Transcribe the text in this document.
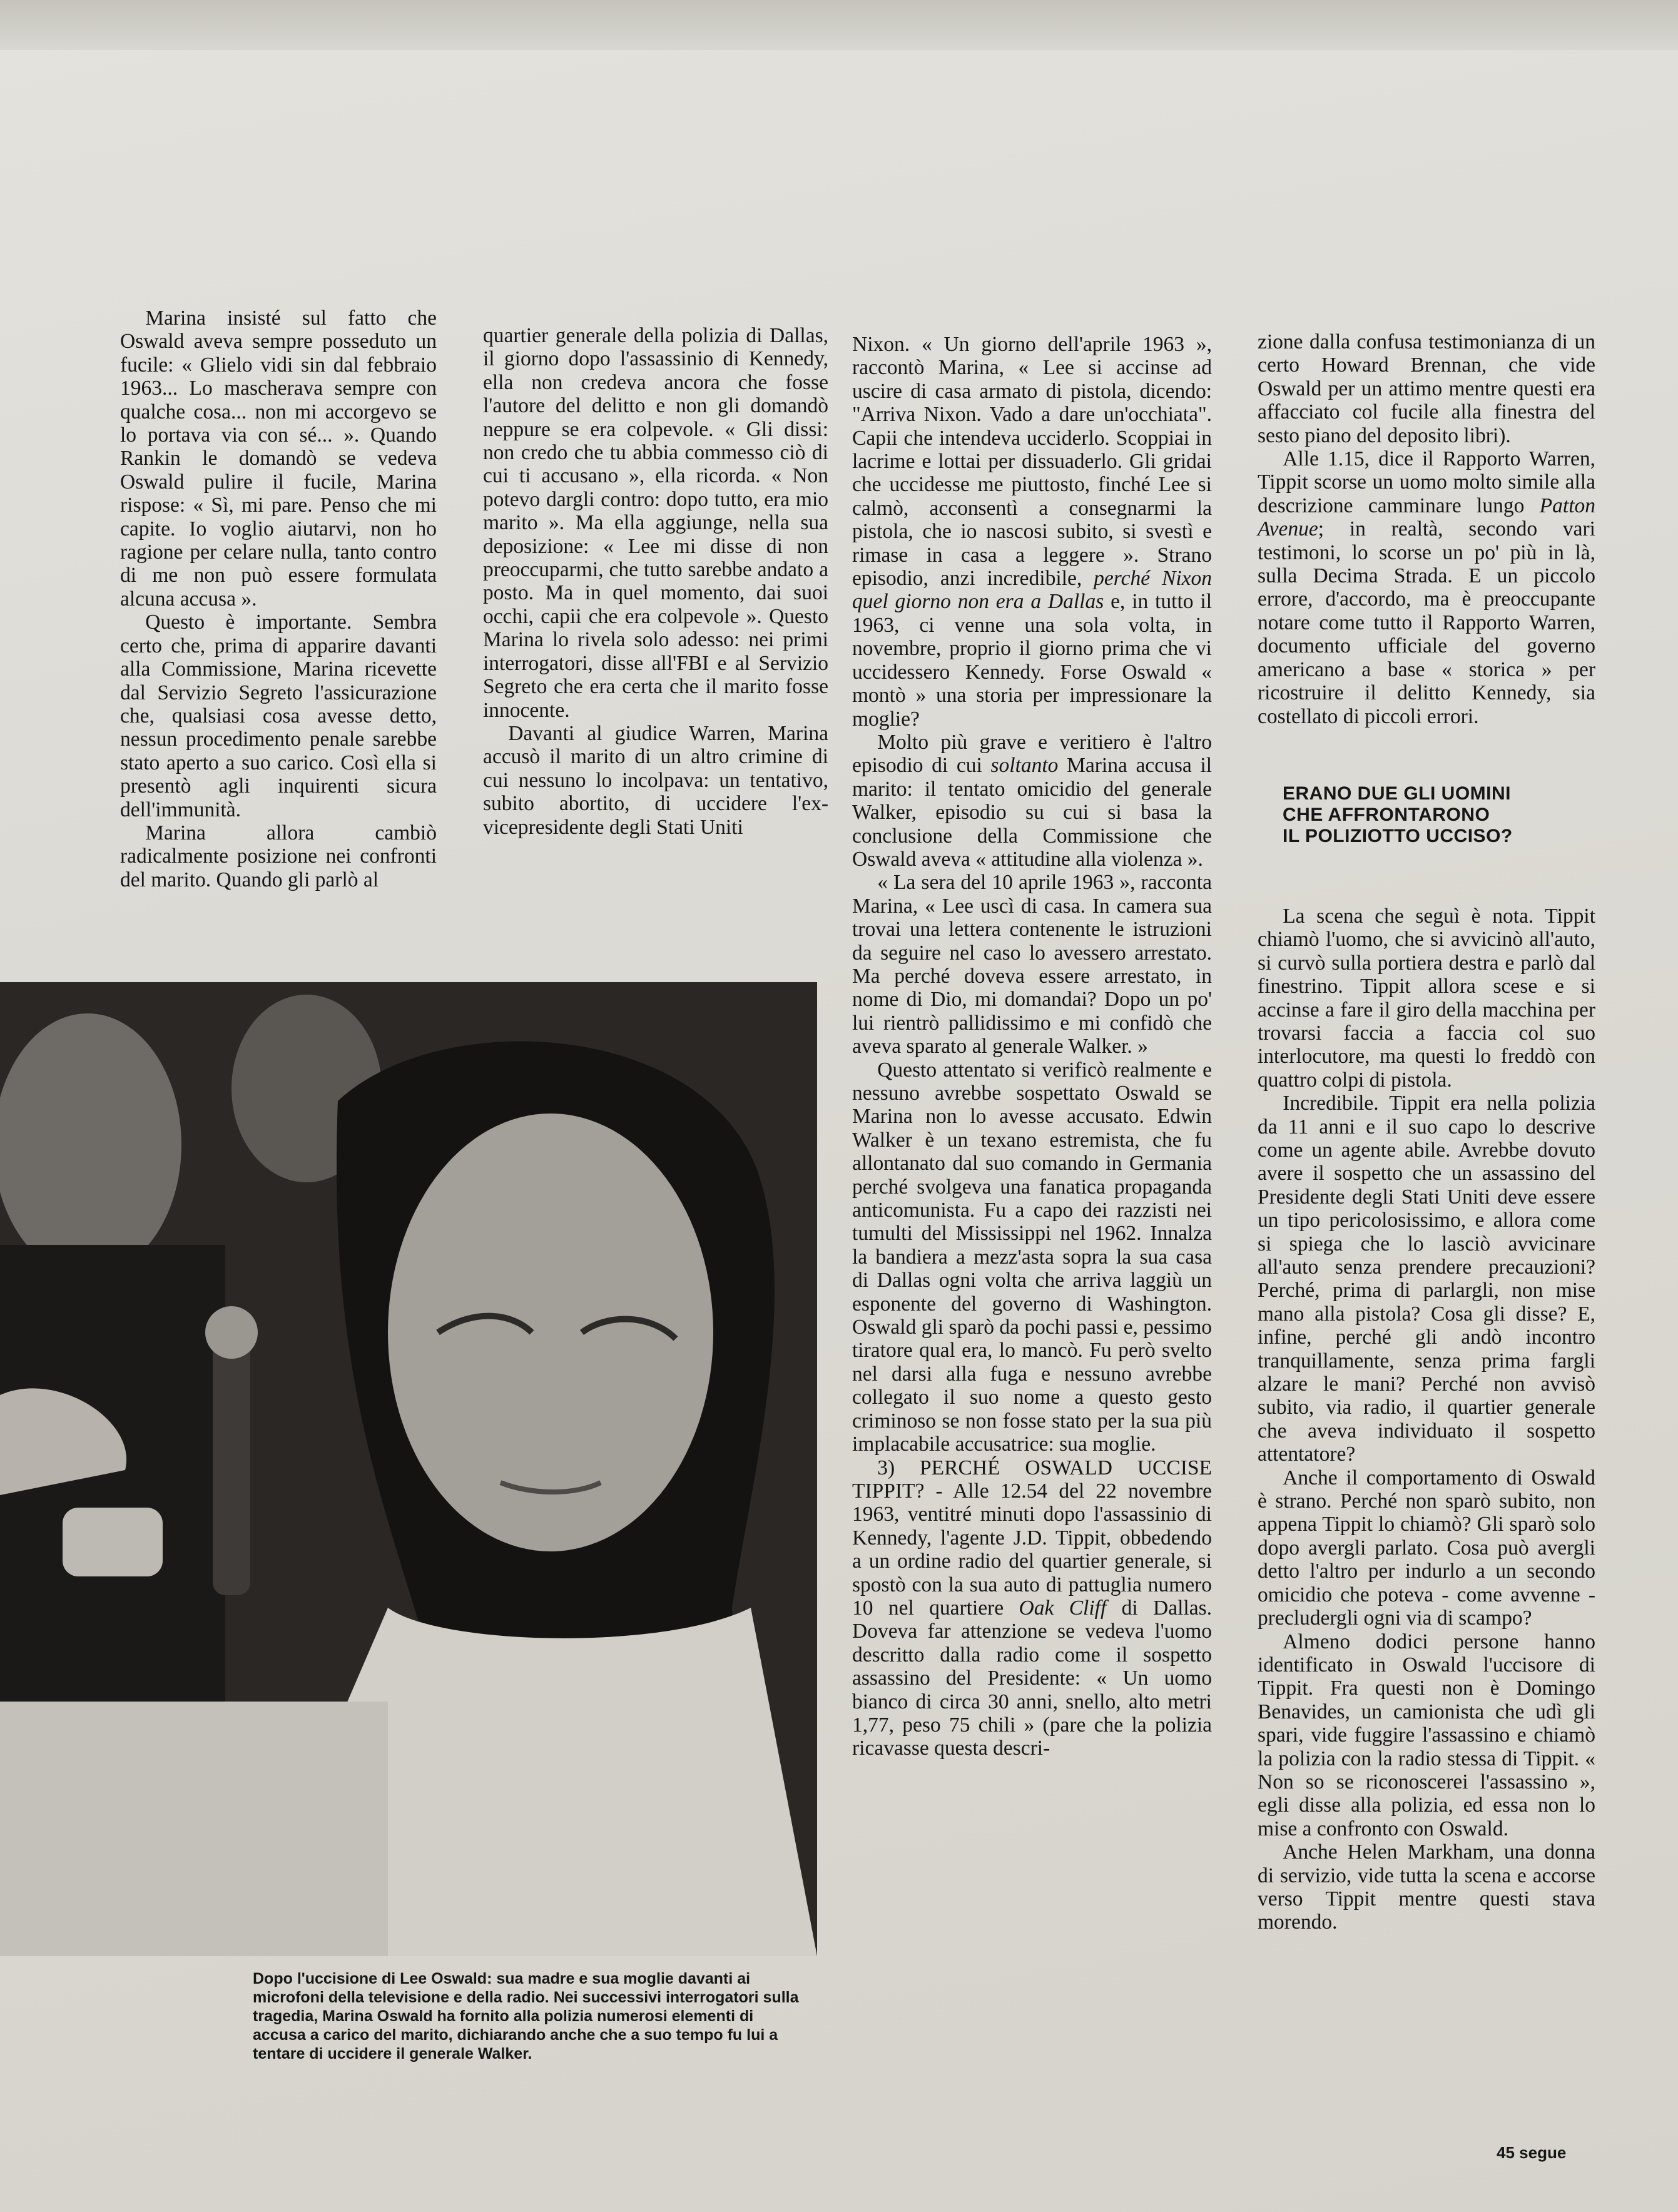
Marina insisté sul fatto che Oswald aveva sempre posseduto un fucile: « Glielo vidi sin dal febbraio 1963... Lo mascherava sempre con qualche cosa... non mi accorgevo se lo portava via con sé... ». Quando Rankin le domandò se vedeva Oswald pulire il fucile, Marina rispose: « Sì, mi pare. Penso che mi capite. Io voglio aiutarvi, non ho ragione per celare nulla, tanto contro di me non può essere formulata alcuna accusa ».

Questo è importante. Sembra certo che, prima di apparire davanti alla Commissione, Marina ricevette dal Servizio Segreto l'assicurazione che, qualsiasi cosa avesse detto, nessun procedimento penale sarebbe stato aperto a suo carico. Così ella si presentò agli inquirenti sicura dell'immunità.

Marina allora cambiò radicalmente posizione nei confronti del marito. Quando gli parlò al

quartier generale della polizia di Dallas, il giorno dopo l'assassinio di Kennedy, ella non credeva ancora che fosse l'autore del delitto e non gli domandò neppure se era colpevole. « Gli dissi: non credo che tu abbia commesso ciò di cui ti accusano », ella ricorda. « Non potevo dargli contro: dopo tutto, era mio marito ». Ma ella aggiunge, nella sua deposizione: « Lee mi disse di non preoccuparmi, che tutto sarebbe andato a posto. Ma in quel momento, dai suoi occhi, capii che era colpevole ». Questo Marina lo rivela solo adesso: nei primi interrogatori, disse all'FBI e al Servizio Segreto che era certa che il marito fosse innocente.

Davanti al giudice Warren, Marina accusò il marito di un altro crimine di cui nessuno lo incolpava: un tentativo, subito abortito, di uccidere l'ex-vicepresidente degli Stati Uniti

Nixon. « Un giorno dell'aprile 1963 », raccontò Marina, « Lee si accinse ad uscire di casa armato di pistola, dicendo: "Arriva Nixon. Vado a dare un'occhiata". Capii che intendeva ucciderlo. Scoppiai in lacrime e lottai per dissuaderlo. Gli gridai che uccidesse me piuttosto, finché Lee si calmò, acconsentì a consegnarmi la pistola, che io nascosi subito, si svestì e rimase in casa a leggere ». Strano episodio, anzi incredibile, perché Nixon quel giorno non era a Dallas e, in tutto il 1963, ci venne una sola volta, in novembre, proprio il giorno prima che vi uccidessero Kennedy. Forse Oswald « montò » una storia per impressionare la moglie?

Molto più grave e veritiero è l'altro episodio di cui soltanto Marina accusa il marito: il tentato omicidio del generale Walker, episodio su cui si basa la conclusione della Commissione che Oswald aveva « attitudine alla violenza ».

« La sera del 10 aprile 1963 », racconta Marina, « Lee uscì di casa. In camera sua trovai una lettera contenente le istruzioni da seguire nel caso lo avessero arrestato. Ma perché doveva essere arrestato, in nome di Dio, mi domandai? Dopo un po' lui rientrò pallidissimo e mi confidò che aveva sparato al generale Walker. »

Questo attentato si verificò realmente e nessuno avrebbe sospettato Oswald se Marina non lo avesse accusato. Edwin Walker è un texano estremista, che fu allontanato dal suo comando in Germania perché svolgeva una fanatica propaganda anticomunista. Fu a capo dei razzisti nei tumulti del Mississippi nel 1962. Innalza la bandiera a mezz'asta sopra la sua casa di Dallas ogni volta che arriva laggiù un esponente del governo di Washington. Oswald gli sparò da pochi passi e, pessimo tiratore qual era, lo mancò. Fu però svelto nel darsi alla fuga e nessuno avrebbe collegato il suo nome a questo gesto criminoso se non fosse stato per la sua più implacabile accusatrice: sua moglie.

3) PERCHÉ OSWALD UCCISE TIPPIT? - Alle 12.54 del 22 novembre 1963, ventitré minuti dopo l'assassinio di Kennedy, l'agente J.D. Tippit, obbedendo a un ordine radio del quartier generale, si spostò con la sua auto di pattuglia numero 10 nel quartiere Oak Cliff di Dallas. Doveva far attenzione se vedeva l'uomo descritto dalla radio come il sospetto assassino del Presidente: « Un uomo bianco di circa 30 anni, snello, alto metri 1,77, peso 75 chili » (pare che la polizia ricavasse questa descri-

zione dalla confusa testimonianza di un certo Howard Brennan, che vide Oswald per un attimo mentre questi era affacciato col fucile alla finestra del sesto piano del deposito libri).

Alle 1.15, dice il Rapporto Warren, Tippit scorse un uomo molto simile alla descrizione camminare lungo Patton Avenue; in realtà, secondo vari testimoni, lo scorse un po' più in là, sulla Decima Strada. E un piccolo errore, d'accordo, ma è preoccupante notare come tutto il Rapporto Warren, documento ufficiale del governo americano a base « storica » per ricostruire il delitto Kennedy, sia costellato di piccoli errori.

ERANO DUE GLI UOMINI
CHE AFFRONTARONO
IL POLIZIOTTO UCCISO?

La scena che seguì è nota. Tippit chiamò l'uomo, che si avvicinò all'auto, si curvò sulla portiera destra e parlò dal finestrino. Tippit allora scese e si accinse a fare il giro della macchina per trovarsi faccia a faccia col suo interlocutore, ma questi lo freddò con quattro colpi di pistola.

Incredibile. Tippit era nella polizia da 11 anni e il suo capo lo descrive come un agente abile. Avrebbe dovuto avere il sospetto che un assassino del Presidente degli Stati Uniti deve essere un tipo pericolosissimo, e allora come si spiega che lo lasciò avvicinare all'auto senza prendere precauzioni? Perché, prima di parlargli, non mise mano alla pistola? Cosa gli disse? E, infine, perché gli andò incontro tranquillamente, senza prima fargli alzare le mani? Perché non avvisò subito, via radio, il quartier generale che aveva individuato il sospetto attentatore?

Anche il comportamento di Oswald è strano. Perché non sparò subito, non appena Tippit lo chiamò? Gli sparò solo dopo avergli parlato. Cosa può avergli detto l'altro per indurlo a un secondo omicidio che poteva - come avvenne - precludergli ogni via di scampo?

Almeno dodici persone hanno identificato in Oswald l'uccisore di Tippit. Fra questi non è Domingo Benavides, un camionista che udì gli spari, vide fuggire l'assassino e chiamò la polizia con la radio stessa di Tippit. « Non so se riconoscerei l'assassino », egli disse alla polizia, ed essa non lo mise a confronto con Oswald.

Anche Helen Markham, una donna di servizio, vide tutta la scena e accorse verso Tippit mentre questi stava morendo.

Dopo l'uccisione di Lee Oswald: sua madre e sua moglie davanti ai microfoni della televisione e della radio. Nei successivi interrogatori sulla tragedia, Marina Oswald ha fornito alla polizia numerosi elementi di accusa a carico del marito, dichiarando anche che a suo tempo fu lui a tentare di uccidere il generale Walker.
45 segue
